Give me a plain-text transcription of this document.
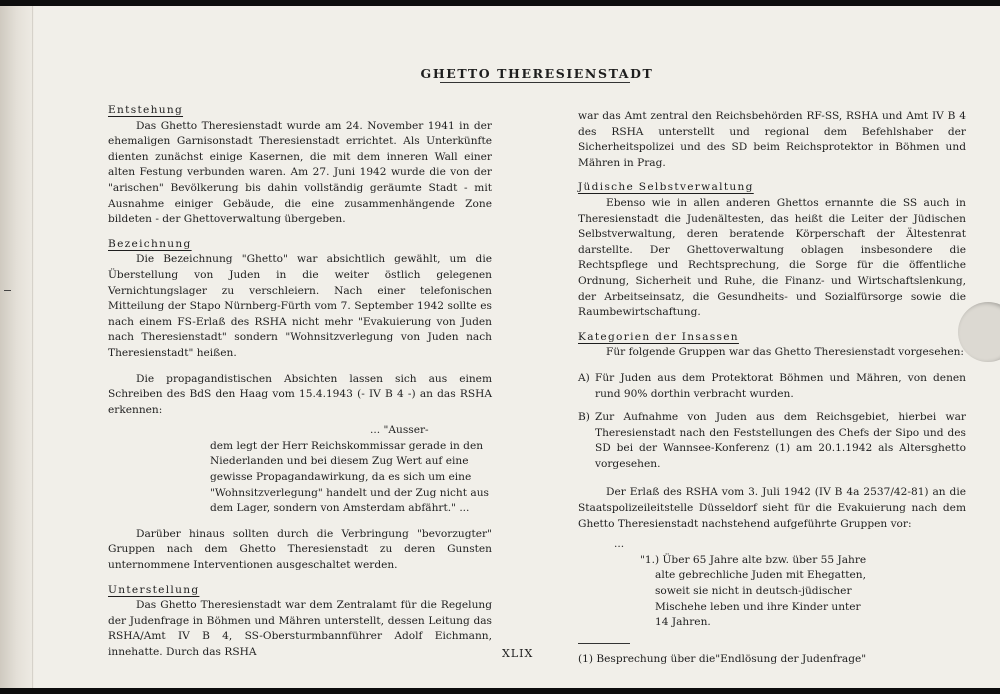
GHETTO THERESIENSTADT
Entstehung

Das Ghetto Theresienstadt wurde am 24. November 1941 in der ehemaligen Garnisonstadt Theresienstadt errichtet. Als Unterkünfte dienten zunächst einige Kasernen, die mit dem inneren Wall einer alten Festung verbunden waren. Am 27. Juni 1942 wurde die von der "arischen" Bevölkerung bis dahin vollständig geräumte Stadt - mit Ausnahme einiger Gebäude, die eine zusammenhängende Zone bildeten - der Ghettoverwaltung übergeben.

Bezeichnung

Die Bezeichnung "Ghetto" war absichtlich gewählt, um die Überstellung von Juden in die weiter östlich gelegenen Vernichtungslager zu verschleiern. Nach einer telefonischen Mitteilung der Stapo Nürnberg-Fürth vom 7. September 1942 sollte es nach einem FS-Erlaß des RSHA nicht mehr "Evakuierung von Juden nach Theresienstadt" sondern "Wohnsitzverlegung von Juden nach Theresienstadt" heißen.

Die propagandistischen Absichten lassen sich aus einem Schreiben des BdS den Haag vom 15.4.1943 (- IV B 4 -) an das RSHA erkennen:

... "Ausser-
dem legt der Herr Reichskommissar gerade in den Niederlanden und bei diesem Zug Wert auf eine gewisse Propagandawirkung, da es sich um eine "Wohnsitzverlegung" handelt und der Zug nicht aus dem Lager, sondern von Amsterdam abfährt." ...

Darüber hinaus sollten durch die Verbringung "bevorzugter" Gruppen nach dem Ghetto Theresienstadt zu deren Gunsten unternommene Interventionen ausgeschaltet werden.

Unterstellung

Das Ghetto Theresienstadt war dem Zentralamt für die Regelung der Judenfrage in Böhmen und Mähren unterstellt, dessen Leitung das RSHA/Amt IV B 4, SS-Obersturmbannführer Adolf Eichmann, innehatte. Durch das RSHA

war das Amt zentral den Reichsbehörden RF-SS, RSHA und Amt IV B 4 des RSHA unterstellt und regional dem Befehlshaber der Sicherheitspolizei und des SD beim Reichsprotektor in Böhmen und Mähren in Prag.

Jüdische Selbstverwaltung

Ebenso wie in allen anderen Ghettos ernannte die SS auch in Theresienstadt die Judenältesten, das heißt die Leiter der Jüdischen Selbstverwaltung, deren beratende Körperschaft der Ältestenrat darstellte. Der Ghettoverwaltung oblagen insbesondere die Rechtspflege und Rechtsprechung, die Sorge für die öffentliche Ordnung, Sicherheit und Ruhe, die Finanz- und Wirtschaftslenkung, der Arbeitseinsatz, die Gesundheits- und Sozialfürsorge sowie die Raumbewirtschaftung.

Kategorien der Insassen

Für folgende Gruppen war das Ghetto Theresienstadt vorgesehen:

A) Für Juden aus dem Protektorat Böhmen und Mähren, von denen rund 90% dorthin verbracht wurden.
B) Zur Aufnahme von Juden aus dem Reichsgebiet, hierbei war Theresienstadt nach den Feststellungen des Chefs der Sipo und des SD bei der Wannsee-Konferenz (1) am 20.1.1942 als Altersghetto vorgesehen.

Der Erlaß des RSHA vom 3. Juli 1942 (IV B 4a 2537/42-81) an die Staatspolizeileitstelle Düsseldorf sieht für die Evakuierung nach dem Ghetto Theresienstadt nachstehend aufgeführte Gruppen vor:

...
"1.) Über 65 Jahre alte bzw. über 55 Jahre
alte gebrechliche Juden mit Ehegatten,
soweit sie nicht in deutsch-jüdischer
Mischehe leben und ihre Kinder unter
14 Jahren.
(1) Besprechung über die"Endlösung der Judenfrage"
XLIX
